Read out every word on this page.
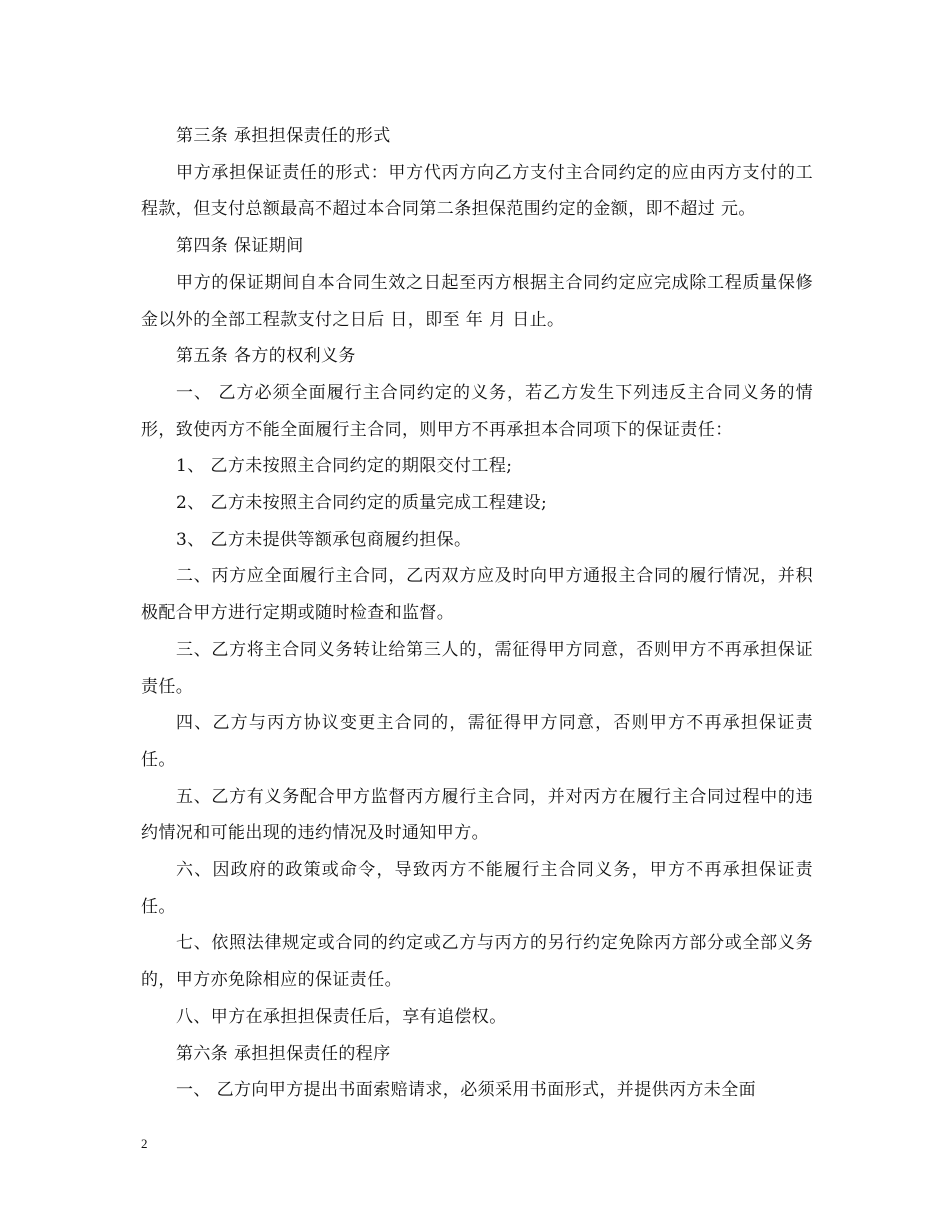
第三条 承担担保责任的形式

甲方承担保证责任的形式：甲方代丙方向乙方支付主合同约定的应由丙方支付的工程款，但支付总额最高不超过本合同第二条担保范围约定的金额，即不超过 元。

第四条 保证期间

甲方的保证期间自本合同生效之日起至丙方根据主合同约定应完成除工程质量保修金以外的全部工程款支付之日后 日，即至 年 月 日止。

第五条 各方的权利义务

一、 乙方必须全面履行主合同约定的义务，若乙方发生下列违反主合同义务的情形，致使丙方不能全面履行主合同，则甲方不再承担本合同项下的保证责任：

1、 乙方未按照主合同约定的期限交付工程;

2、 乙方未按照主合同约定的质量完成工程建设;

3、 乙方未提供等额承包商履约担保。

二、丙方应全面履行主合同，乙丙双方应及时向甲方通报主合同的履行情况，并积极配合甲方进行定期或随时检查和监督。

三、乙方将主合同义务转让给第三人的，需征得甲方同意，否则甲方不再承担保证责任。

四、乙方与丙方协议变更主合同的，需征得甲方同意，否则甲方不再承担保证责任。

五、乙方有义务配合甲方监督丙方履行主合同，并对丙方在履行主合同过程中的违约情况和可能出现的违约情况及时通知甲方。

六、因政府的政策或命令，导致丙方不能履行主合同义务，甲方不再承担保证责任。

七、依照法律规定或合同的约定或乙方与丙方的另行约定免除丙方部分或全部义务的，甲方亦免除相应的保证责任。

八、甲方在承担担保责任后，享有追偿权。

第六条 承担担保责任的程序

一、 乙方向甲方提出书面索赔请求，必须采用书面形式，并提供丙方未全面

2
